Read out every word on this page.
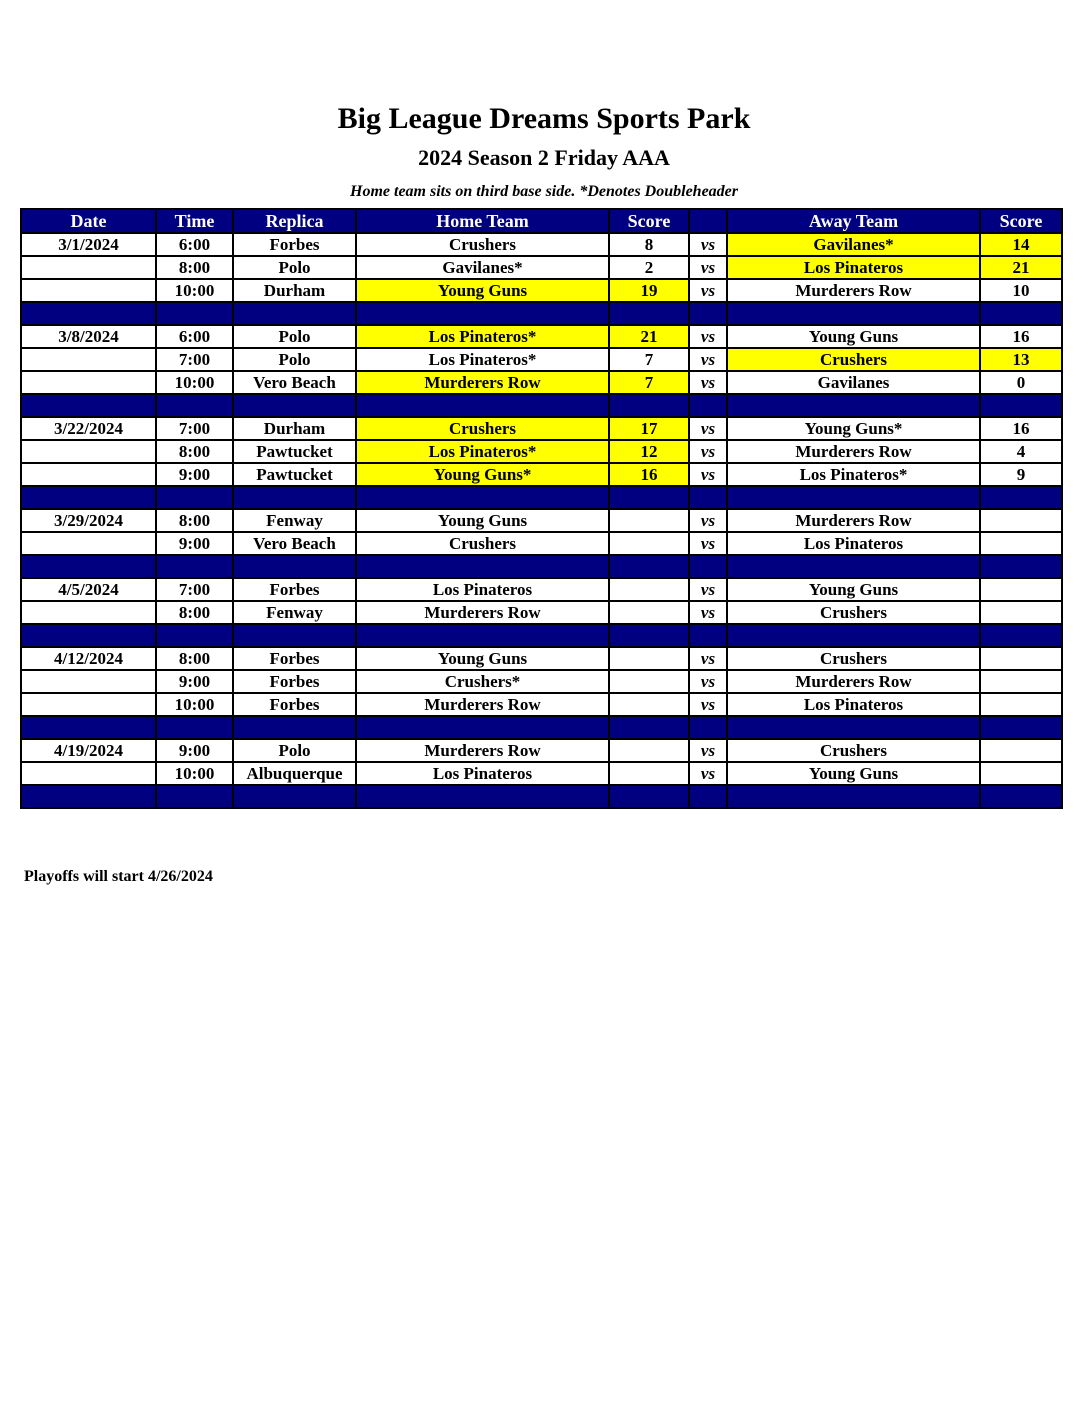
Big League Dreams Sports Park
2024 Season 2 Friday AAA
Home team sits on third base side. *Denotes Doubleheader
Date	Time	Replica	Home Team	Score		Away Team	Score
3/1/2024	6:00	Forbes	Crushers	8	vs	Gavilanes*	14
	8:00	Polo	Gavilanes*	2	vs	Los Pinateros	21
	10:00	Durham	Young Guns	19	vs	Murderers Row	10

3/8/2024	6:00	Polo	Los Pinateros*	21	vs	Young Guns	16
	7:00	Polo	Los Pinateros*	7	vs	Crushers	13
	10:00	Vero Beach	Murderers Row	7	vs	Gavilanes	0

3/22/2024	7:00	Durham	Crushers	17	vs	Young Guns*	16
	8:00	Pawtucket	Los Pinateros*	12	vs	Murderers Row	4
	9:00	Pawtucket	Young Guns*	16	vs	Los Pinateros*	9

3/29/2024	8:00	Fenway	Young Guns		vs	Murderers Row	
	9:00	Vero Beach	Crushers		vs	Los Pinateros	

4/5/2024	7:00	Forbes	Los Pinateros		vs	Young Guns	
	8:00	Fenway	Murderers Row		vs	Crushers	

4/12/2024	8:00	Forbes	Young Guns		vs	Crushers	
	9:00	Forbes	Crushers*		vs	Murderers Row	
	10:00	Forbes	Murderers Row		vs	Los Pinateros	

4/19/2024	9:00	Polo	Murderers Row		vs	Crushers	
	10:00	Albuquerque	Los Pinateros		vs	Young Guns	

Playoffs will start 4/26/2024
